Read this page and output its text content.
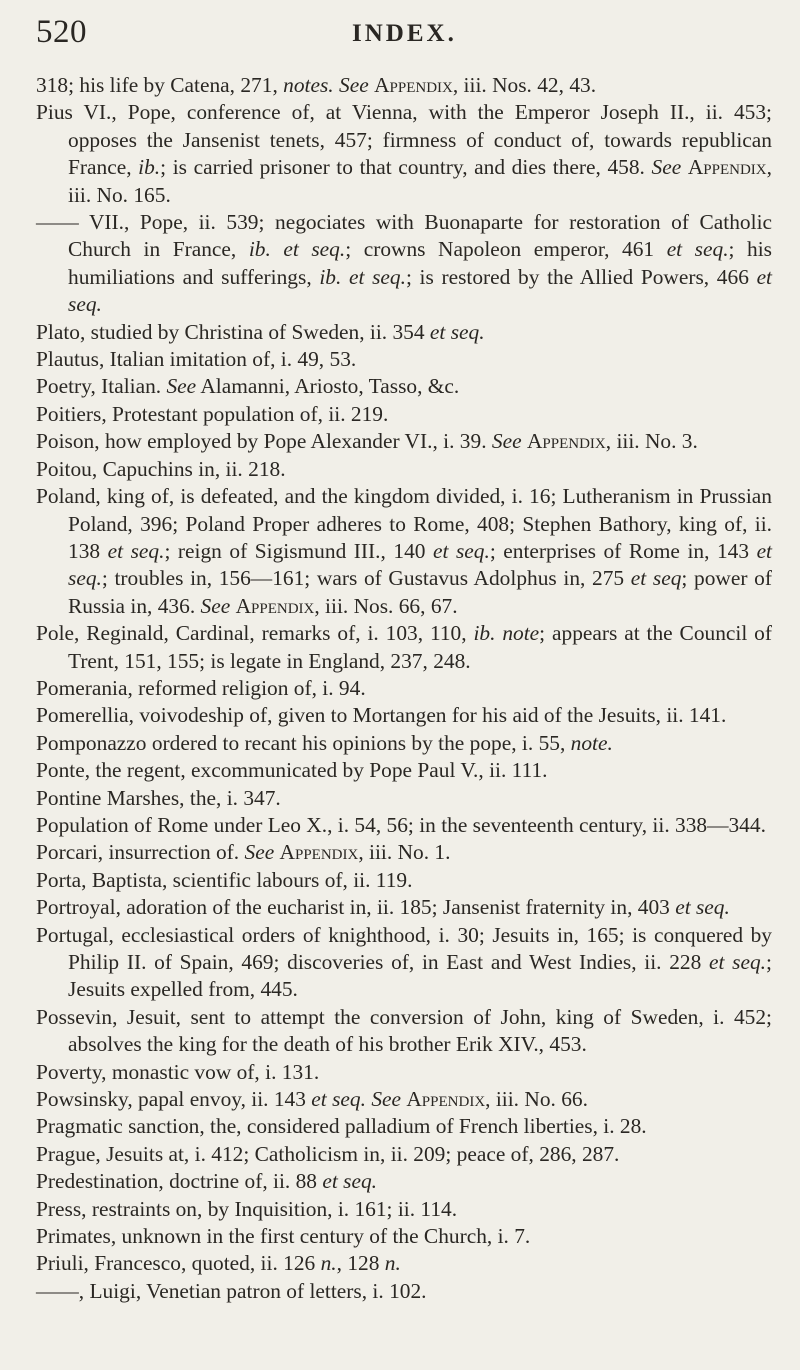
520	INDEX.

318; his life by Catena, 271, notes. See Appendix, iii. Nos. 42, 43.

Pius VI., Pope, conference of, at Vienna, with the Emperor Joseph II., ii. 453; opposes the Jansenist tenets, 457; firmness of conduct of, towards republican France, ib.; is carried prisoner to that country, and dies there, 458. See Appendix, iii. No. 165.

—— VII., Pope, ii. 539; negociates with Buonaparte for restoration of Catholic Church in France, ib. et seq.; crowns Napoleon emperor, 461 et seq.; his humiliations and sufferings, ib. et seq.; is restored by the Allied Powers, 466 et seq.

Plato, studied by Christina of Sweden, ii. 354 et seq.

Plautus, Italian imitation of, i. 49, 53.

Poetry, Italian. See Alamanni, Ariosto, Tasso, &c.

Poitiers, Protestant population of, ii. 219.

Poison, how employed by Pope Alexander VI., i. 39. See Appendix, iii. No. 3.

Poitou, Capuchins in, ii. 218.

Poland, king of, is defeated, and the kingdom divided, i. 16; Lutheranism in Prussian Poland, 396; Poland Proper adheres to Rome, 408; Stephen Bathory, king of, ii. 138 et seq.; reign of Sigismund III., 140 et seq.; enterprises of Rome in, 143 et seq.; troubles in, 156—161; wars of Gustavus Adolphus in, 275 et seq; power of Russia in, 436. See Appendix, iii. Nos. 66, 67.

Pole, Reginald, Cardinal, remarks of, i. 103, 110, ib. note; appears at the Council of Trent, 151, 155; is legate in England, 237, 248.

Pomerania, reformed religion of, i. 94.

Pomerellia, voivodeship of, given to Mortangen for his aid of the Jesuits, ii. 141.

Pomponazzo ordered to recant his opinions by the pope, i. 55, note.

Ponte, the regent, excommunicated by Pope Paul V., ii. 111.

Pontine Marshes, the, i. 347.

Population of Rome under Leo X., i. 54, 56; in the seventeenth century, ii. 338—344.

Porcari, insurrection of. See Appendix, iii. No. 1.

Porta, Baptista, scientific labours of, ii. 119.

Portroyal, adoration of the eucharist in, ii. 185; Jansenist fraternity in, 403 et seq.

Portugal, ecclesiastical orders of knighthood, i. 30; Jesuits in, 165; is conquered by Philip II. of Spain, 469; discoveries of, in East and West Indies, ii. 228 et seq.; Jesuits expelled from, 445.

Possevin, Jesuit, sent to attempt the conversion of John, king of Sweden, i. 452; absolves the king for the death of his brother Erik XIV., 453.

Poverty, monastic vow of, i. 131.

Powsinsky, papal envoy, ii. 143 et seq. See Appendix, iii. No. 66.

Pragmatic sanction, the, considered palladium of French liberties, i. 28.

Prague, Jesuits at, i. 412; Catholicism in, ii. 209; peace of, 286, 287.

Predestination, doctrine of, ii. 88 et seq.

Press, restraints on, by Inquisition, i. 161; ii. 114.

Primates, unknown in the first century of the Church, i. 7.

Priuli, Francesco, quoted, ii. 126 n., 128 n.

——, Luigi, Venetian patron of letters, i. 102.
